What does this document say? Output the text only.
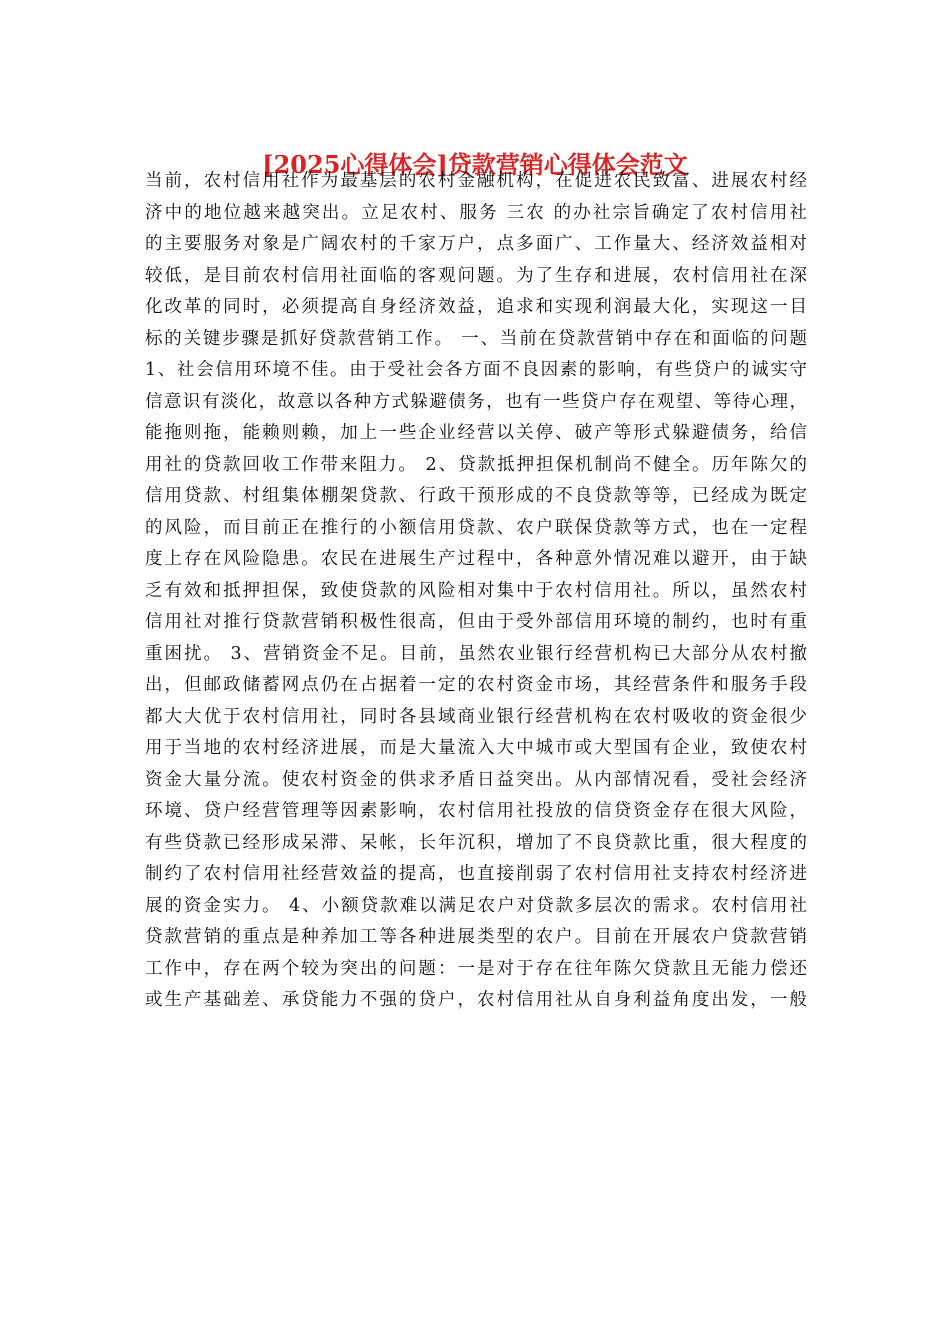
[2025心得体会]贷款营销心得体会范文
当前，农村信用社作为最基层的农村金融机构，在促进农民致富、进展农村经
济中的地位越来越突出。立足农村、服务 三农 的办社宗旨确定了农村信用社
的主要服务对象是广阔农村的千家万户，点多面广、工作量大、经济效益相对
较低，是目前农村信用社面临的客观问题。为了生存和进展，农村信用社在深
化改革的同时，必须提高自身经济效益，追求和实现利润最大化，实现这一目
标的关键步骤是抓好贷款营销工作。 一、当前在贷款营销中存在和面临的问题
1、社会信用环境不佳。由于受社会各方面不良因素的影响，有些贷户的诚实守
信意识有淡化，故意以各种方式躲避债务，也有一些贷户存在观望、等待心理，
能拖则拖，能赖则赖，加上一些企业经营以关停、破产等形式躲避债务，给信
用社的贷款回收工作带来阻力。 2、贷款抵押担保机制尚不健全。历年陈欠的
信用贷款、村组集体棚架贷款、行政干预形成的不良贷款等等，已经成为既定
的风险，而目前正在推行的小额信用贷款、农户联保贷款等方式，也在一定程
度上存在风险隐患。农民在进展生产过程中，各种意外情况难以避开，由于缺
乏有效和抵押担保，致使贷款的风险相对集中于农村信用社。所以，虽然农村
信用社对推行贷款营销积极性很高，但由于受外部信用环境的制约，也时有重
重困扰。 3、营销资金不足。目前，虽然农业银行经营机构已大部分从农村撤
出，但邮政储蓄网点仍在占据着一定的农村资金市场，其经营条件和服务手段
都大大优于农村信用社，同时各县域商业银行经营机构在农村吸收的资金很少
用于当地的农村经济进展，而是大量流入大中城市或大型国有企业，致使农村
资金大量分流。使农村资金的供求矛盾日益突出。从内部情况看，受社会经济
环境、贷户经营管理等因素影响，农村信用社投放的信贷资金存在很大风险，
有些贷款已经形成呆滞、呆帐，长年沉积，增加了不良贷款比重，很大程度的
制约了农村信用社经营效益的提高，也直接削弱了农村信用社支持农村经济进
展的资金实力。 4、小额贷款难以满足农户对贷款多层次的需求。农村信用社
贷款营销的重点是种养加工等各种进展类型的农户。目前在开展农户贷款营销
工作中，存在两个较为突出的问题：一是对于存在往年陈欠贷款且无能力偿还
或生产基础差、承贷能力不强的贷户，农村信用社从自身利益角度出发，一般
